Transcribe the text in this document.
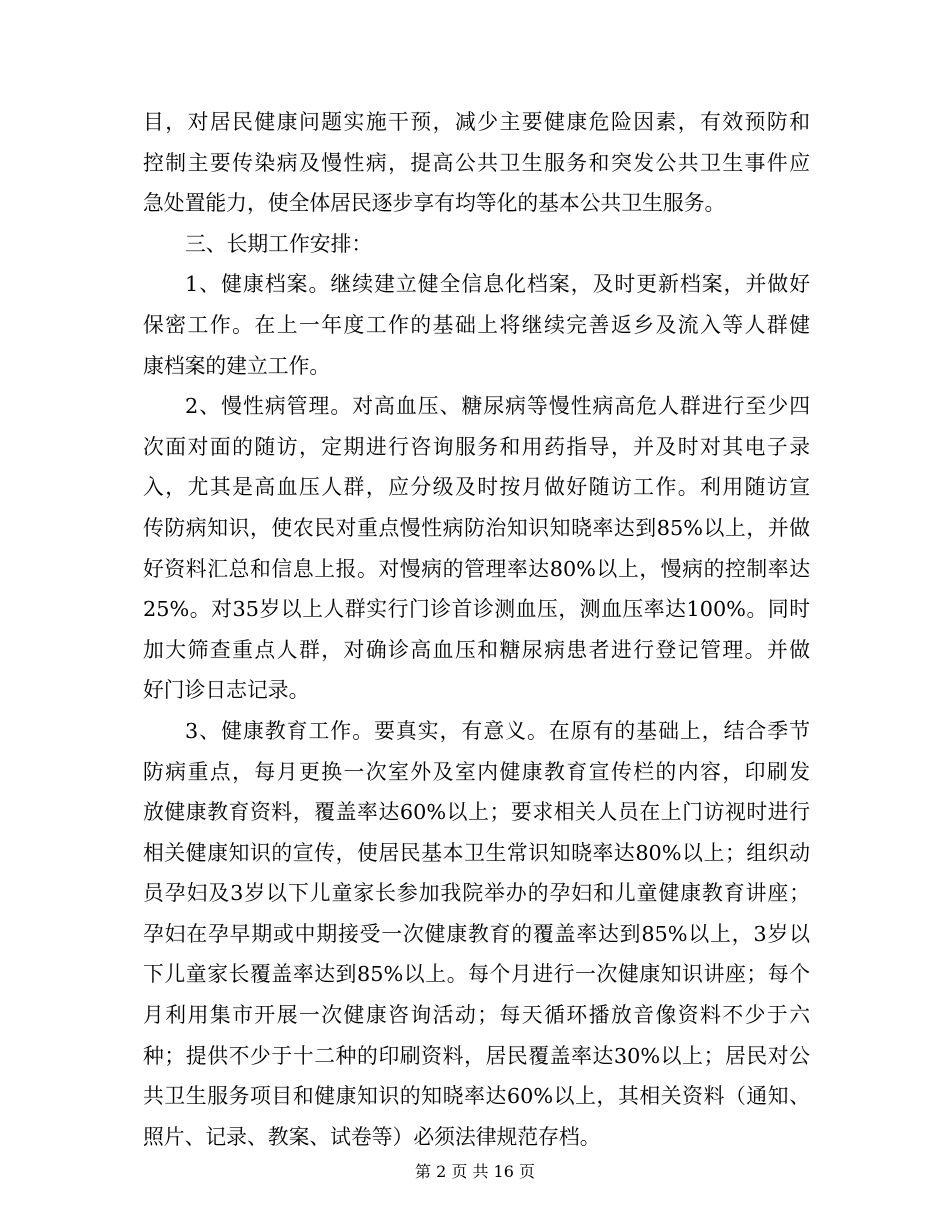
目，对居民健康问题实施干预，减少主要健康危险因素，有效预防和
控制主要传染病及慢性病，提高公共卫生服务和突发公共卫生事件应
急处置能力，使全体居民逐步享有均等化的基本公共卫生服务。
三、长期工作安排：
1、健康档案。继续建立健全信息化档案，及时更新档案，并做好
保密工作。在上一年度工作的基础上将继续完善返乡及流入等人群健
康档案的建立工作。
2、慢性病管理。对高血压、糖尿病等慢性病高危人群进行至少四
次面对面的随访，定期进行咨询服务和用药指导，并及时对其电子录
入，尤其是高血压人群，应分级及时按月做好随访工作。利用随访宣
传防病知识，使农民对重点慢性病防治知识知晓率达到85%以上，并做
好资料汇总和信息上报。对慢病的管理率达80%以上，慢病的控制率达
25%。对35岁以上人群实行门诊首诊测血压，测血压率达100%。同时
加大筛查重点人群，对确诊高血压和糖尿病患者进行登记管理。并做
好门诊日志记录。
3、健康教育工作。要真实，有意义。在原有的基础上，结合季节
防病重点，每月更换一次室外及室内健康教育宣传栏的内容，印刷发
放健康教育资料，覆盖率达60%以上；要求相关人员在上门访视时进行
相关健康知识的宣传，使居民基本卫生常识知晓率达80%以上；组织动
员孕妇及3岁以下儿童家长参加我院举办的孕妇和儿童健康教育讲座；
孕妇在孕早期或中期接受一次健康教育的覆盖率达到85%以上，3岁以
下儿童家长覆盖率达到85%以上。每个月进行一次健康知识讲座；每个
月利用集市开展一次健康咨询活动；每天循环播放音像资料不少于六
种；提供不少于十二种的印刷资料，居民覆盖率达30%以上；居民对公
共卫生服务项目和健康知识的知晓率达60%以上，其相关资料（通知、
照片、记录、教案、试卷等）必须法律规范存档。
第 2 页 共 16 页
